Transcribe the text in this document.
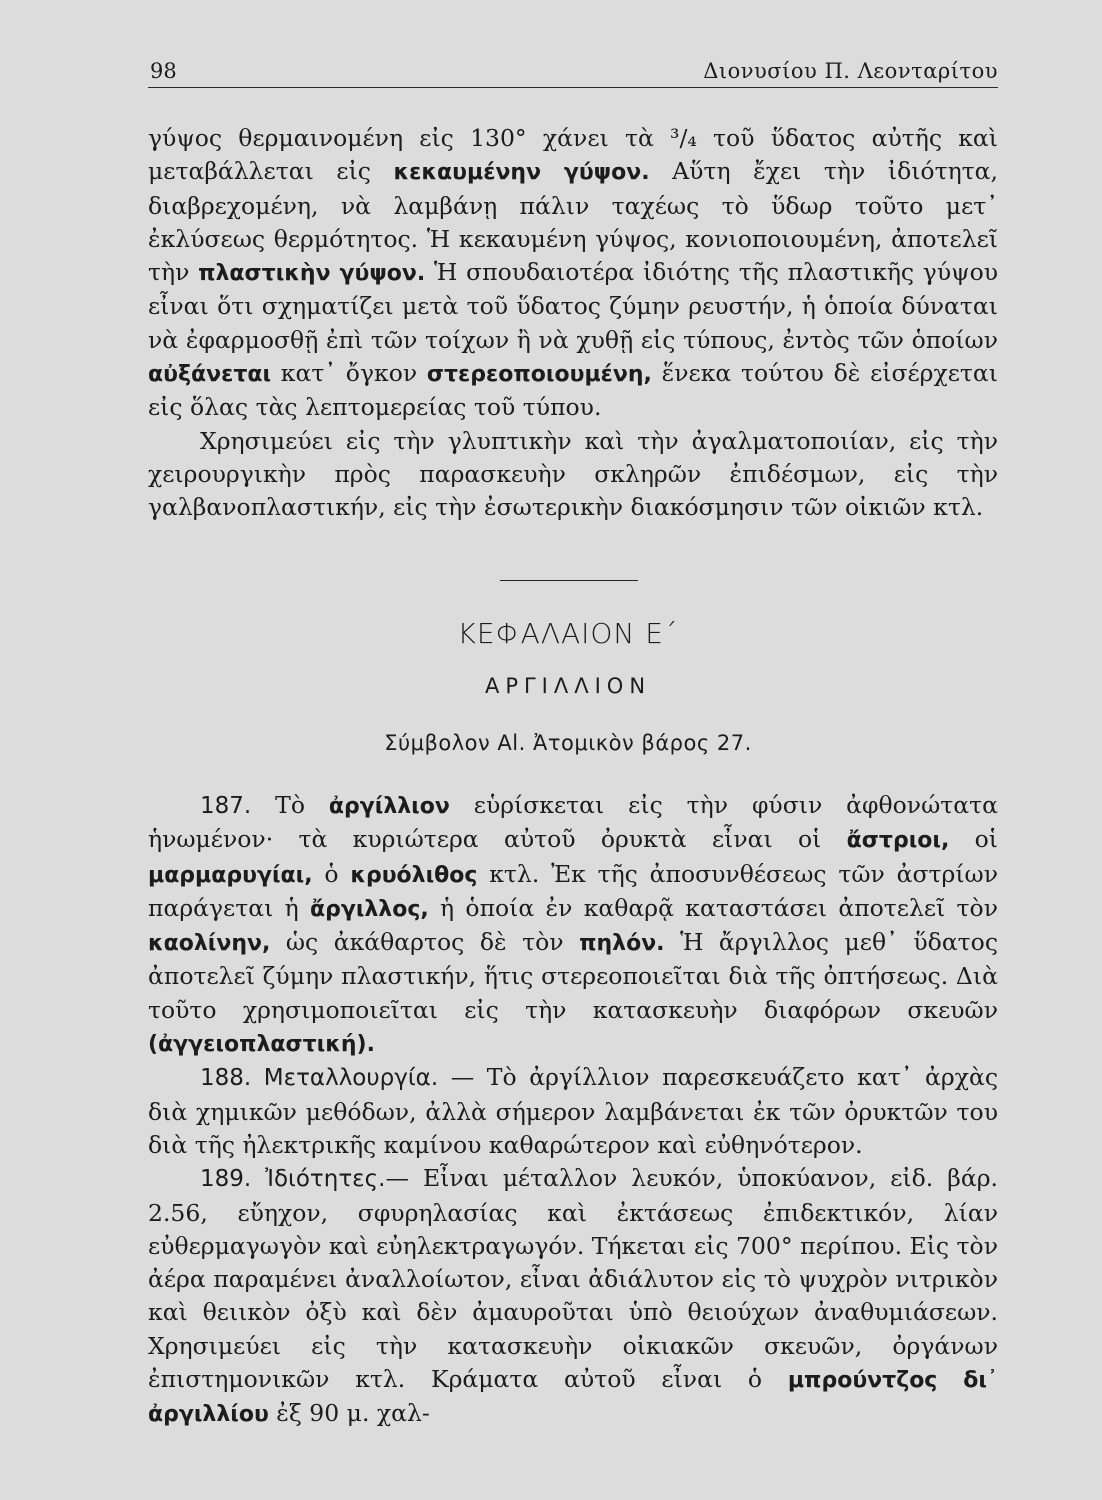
98	Διονυσίου Π. Λεονταρίτου

γύψος θερμαινομένη εἰς 130° χάνει τὰ ³/₄ τοῦ ὕδατος αὐτῆς καὶ μεταβάλλεται εἰς κεκαυμένην γύψον. Αὕτη ἔχει τὴν ἰδιότητα, διαβρεχομένη, νὰ λαμβάνῃ πάλιν ταχέως τὸ ὕδωρ τοῦτο μετ᾽ ἐκλύσεως θερμότητος. Ἡ κεκαυμένη γύψος, κονιοποιουμένη, ἀποτελεῖ τὴν πλαστικὴν γύψον. Ἡ σπουδαιοτέρα ἰδιότης τῆς πλαστικῆς γύψου εἶναι ὅτι σχηματίζει μετὰ τοῦ ὕδατος ζύμην ρευστήν, ἡ ὁποία δύναται νὰ ἐφαρμοσθῇ ἐπὶ τῶν τοίχων ἢ νὰ χυθῇ εἰς τύπους, ἐντὸς τῶν ὁποίων αὐξάνεται κατ᾽ ὄγκον στερεοποιουμένη, ἕνεκα τούτου δὲ εἰσέρχεται εἰς ὅλας τὰς λεπτομερείας τοῦ τύπου.

Χρησιμεύει εἰς τὴν γλυπτικὴν καὶ τὴν ἀγαλματοποιίαν, εἰς τὴν χειρουργικὴν πρὸς παρασκευὴν σκληρῶν ἐπιδέσμων, εἰς τὴν γαλβανοπλαστικήν, εἰς τὴν ἐσωτερικὴν διακόσμησιν τῶν οἰκιῶν κτλ.

ΚΕΦΑΛΑΙΟΝ Ε΄
ΑΡΓΙΛΛΙΟΝ
Σύμβολον Al. Ἀτομικὸν βάρος 27.

187. Τὸ ἀργίλλιον εὑρίσκεται εἰς τὴν φύσιν ἀφθονώτατα ἡνωμένον· τὰ κυριώτερα αὐτοῦ ὀρυκτὰ εἶναι οἱ ἄστριοι, οἱ μαρμαρυγίαι, ὁ κρυόλιθος κτλ. Ἐκ τῆς ἀποσυνθέσεως τῶν ἀστρίων παράγεται ἡ ἄργιλλος, ἡ ὁποία ἐν καθαρᾷ καταστάσει ἀποτελεῖ τὸν καολίνην, ὡς ἀκάθαρτος δὲ τὸν πηλόν. Ἡ ἄργιλλος μεθ᾽ ὕδατος ἀποτελεῖ ζύμην πλαστικήν, ἥτις στερεοποιεῖται διὰ τῆς ὀπτήσεως. Διὰ τοῦτο χρησιμοποιεῖται εἰς τὴν κατασκευὴν διαφόρων σκευῶν (ἀγγειοπλαστική).

188. Μεταλλουργία. — Τὸ ἀργίλλιον παρεσκευάζετο κατ᾽ ἀρχὰς διὰ χημικῶν μεθόδων, ἀλλὰ σήμερον λαμβάνεται ἐκ τῶν ὀρυκτῶν του διὰ τῆς ἠλεκτρικῆς καμίνου καθαρώτερον καὶ εὐθηνότερον.

189. Ἰδιότητες.— Εἶναι μέταλλον λευκόν, ὑποκύανον, εἰδ. βάρ. 2.56, εὔηχον, σφυρηλασίας καὶ ἐκτάσεως ἐπιδεκτικόν, λίαν εὐθερμαγωγὸν καὶ εὐηλεκτραγωγόν. Τήκεται εἰς 700° περίπου. Εἰς τὸν ἀέρα παραμένει ἀναλλοίωτον, εἶναι ἀδιάλυτον εἰς τὸ ψυχρὸν νιτρικὸν καὶ θειικὸν ὀξὺ καὶ δὲν ἀμαυροῦται ὑπὸ θειούχων ἀναθυμιάσεων. Χρησιμεύει εἰς τὴν κατασκευὴν οἰκιακῶν σκευῶν, ὀργάνων ἐπιστημονικῶν κτλ. Κράματα αὐτοῦ εἶναι ὁ μπρούντζος δι᾽ ἀργιλλίου ἐξ 90 μ. χαλ-
